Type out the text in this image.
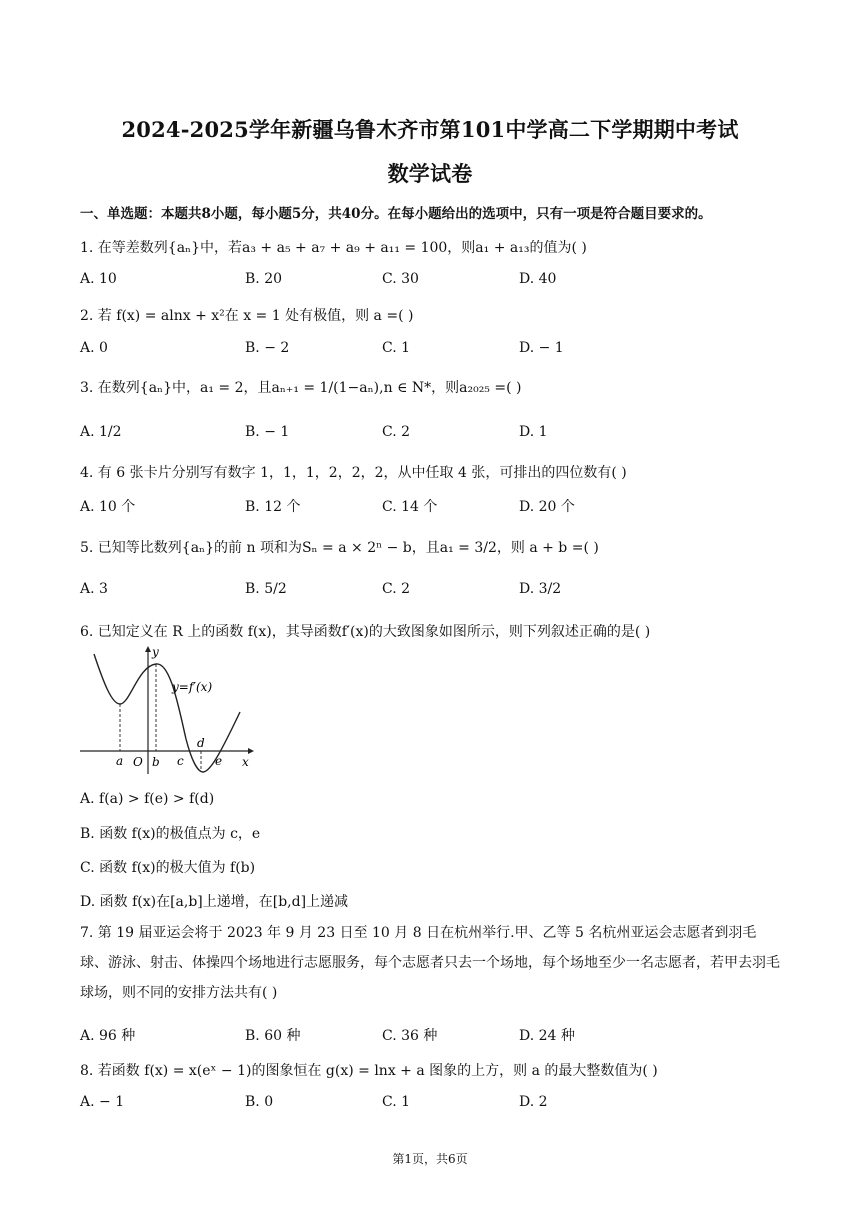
2024-2025学年新疆乌鲁木齐市第101中学高二下学期期中考试
数学试卷
一、单选题：本题共8小题，每小题5分，共40分。在每小题给出的选项中，只有一项是符合题目要求的。
1. 在等差数列{aₙ}中，若a₃ + a₅ + a₇ + a₉ + a₁₁ = 100，则a₁ + a₁₃的值为( )
A. 10	B. 20	C. 30	D. 40
2. 若 f(x) = alnx + x²在 x = 1 处有极值，则 a =( )
A. 0	B. − 2	C. 1	D. − 1
3. 在数列{aₙ}中，a₁ = 2，且aₙ₊₁ = 1/(1−aₙ),n ∈ N*，则a₂₀₂₅ =( )
A. 1/2	B. − 1	C. 2	D. 1
4. 有 6 张卡片分别写有数字 1，1，1，2，2，2，从中任取 4 张，可排出的四位数有( )
A. 10 个	B. 12 个	C. 14 个	D. 20 个
5. 已知等比数列{aₙ}的前 n 项和为Sₙ = a × 2ⁿ − b，且a₁ = 3/2，则 a + b =( )
A. 3	B. 5/2	C. 2	D. 3/2
6. 已知定义在 R 上的函数 f(x)，其导函数f′(x)的大致图象如图所示，则下列叙述正确的是( )
y
x
y=f′(x)
a O b c
d
e
A. f(a) > f(e) > f(d)
B. 函数 f(x)的极值点为 c，e
C. 函数 f(x)的极大值为 f(b)
D. 函数 f(x)在[a,b]上递增，在[b,d]上递减
7. 第 19 届亚运会将于 2023 年 9 月 23 日至 10 月 8 日在杭州举行.甲、乙等 5 名杭州亚运会志愿者到羽毛球、游泳、射击、体操四个场地进行志愿服务，每个志愿者只去一个场地，每个场地至少一名志愿者，若甲去羽毛球场，则不同的安排方法共有( )
A. 96 种	B. 60 种	C. 36 种	D. 24 种
8. 若函数 f(x) = x(eˣ − 1)的图象恒在 g(x) = lnx + a 图象的上方，则 a 的最大整数值为( )
A. − 1	B. 0	C. 1	D. 2
第1页，共6页
